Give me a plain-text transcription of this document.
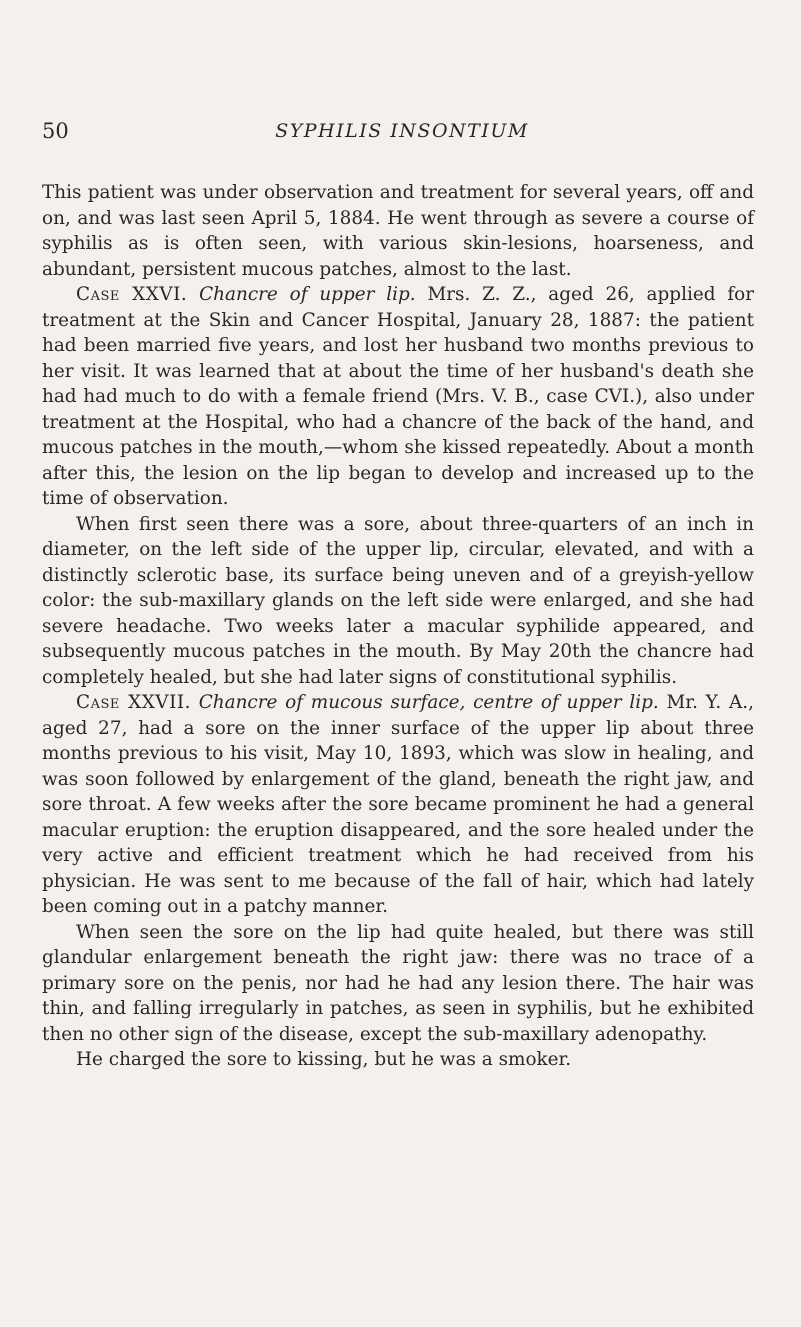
50	SYPHILIS INSONTIUM

This patient was under observation and treatment for several years, off and on, and was last seen April 5, 1884. He went through as severe a course of syphilis as is often seen, with various skin-lesions, hoarseness, and abundant, persistent mucous patches, almost to the last.

Case XXVI. Chancre of upper lip. Mrs. Z. Z., aged 26, applied for treatment at the Skin and Cancer Hospital, January 28, 1887: the patient had been married five years, and lost her husband two months previous to her visit. It was learned that at about the time of her husband's death she had had much to do with a female friend (Mrs. V. B., case CVI.), also under treatment at the Hospital, who had a chancre of the back of the hand, and mucous patches in the mouth,—whom she kissed repeatedly. About a month after this, the lesion on the lip began to develop and increased up to the time of observation.

When first seen there was a sore, about three-quarters of an inch in diameter, on the left side of the upper lip, circular, elevated, and with a distinctly sclerotic base, its surface being uneven and of a greyish-yellow color: the sub-maxillary glands on the left side were enlarged, and she had severe headache. Two weeks later a macular syphilide appeared, and subsequently mucous patches in the mouth. By May 20th the chancre had completely healed, but she had later signs of constitutional syphilis.

Case XXVII. Chancre of mucous surface, centre of upper lip. Mr. Y. A., aged 27, had a sore on the inner surface of the upper lip about three months previous to his visit, May 10, 1893, which was slow in healing, and was soon followed by enlargement of the gland, beneath the right jaw, and sore throat. A few weeks after the sore became prominent he had a general macular eruption: the eruption disappeared, and the sore healed under the very active and efficient treatment which he had received from his physician. He was sent to me because of the fall of hair, which had lately been coming out in a patchy manner.

When seen the sore on the lip had quite healed, but there was still glandular enlargement beneath the right jaw: there was no trace of a primary sore on the penis, nor had he had any lesion there. The hair was thin, and falling irregularly in patches, as seen in syphilis, but he exhibited then no other sign of the disease, except the sub-maxillary adenopathy.

He charged the sore to kissing, but he was a smoker.
